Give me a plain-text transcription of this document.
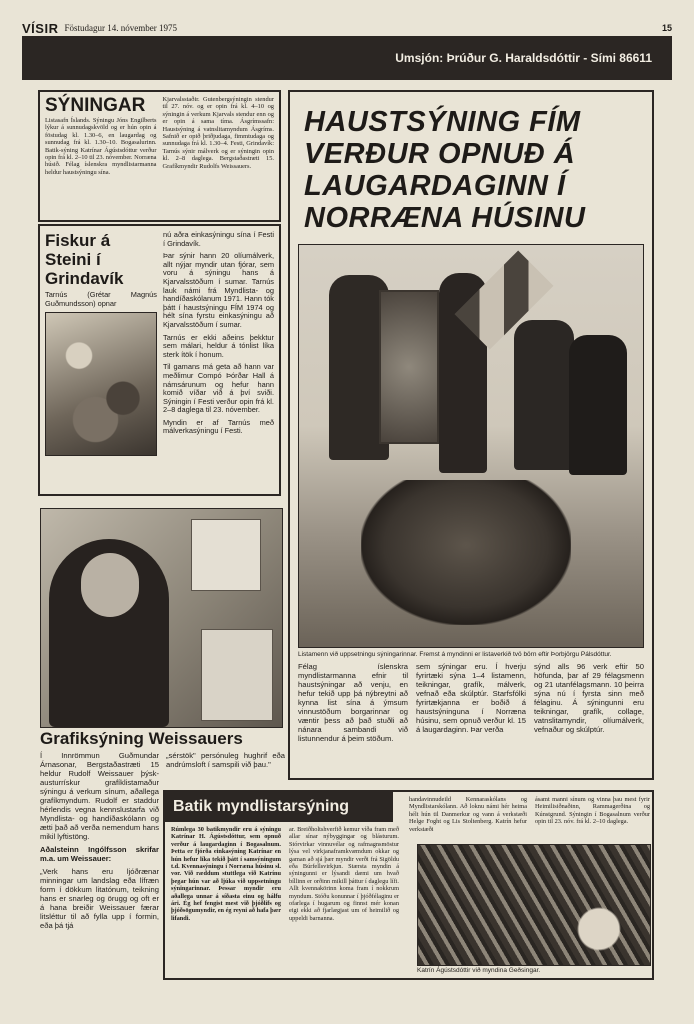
VÍSIR Föstudagur 14. nóvember 1975	15
Umsjón: Þrúður G. Haraldsdóttir - Sími 86611
SÝNINGAR
Listasafn Íslands. Sýningu Jóns Engilberts lýkur á sunnudagskvöld og er hún opin á föstudag kl. 1.30–6, en laugardag og sunnudag frá kl. 1.30–10. Bogasalurinn. Batik-sýning Katrínar Ágústsdóttur verður opin frá kl. 2–10 til 23. nóvember. Norræna húsið. Félag íslenskra myndlistarmanna heldur haustsýningu sína.
Kjarvalsstaðir. Gutenbergsýningin stendur til 27. nóv. og er opin frá kl. 4–10 og sýningin á verkum Kjarvals stendur enn og er opin á sama tíma. Ásgrímssafn: Haustsýning á vatnslitamyndum Ásgríms. Safnið er opið þriðjudaga, fimmtudaga og sunnudaga frá kl. 1.30–4. Festi, Grindavík: Tarnús sýnir málverk og er sýningin opin kl. 2–8 daglega. Bergstaðastræti 15. Grafíkmyndir Rudolfs Weissauers.
Fiskur á Steini í Grindavík
Tarnús (Grétar Magnús Guðmundsson) opnar

nú aðra einkasýningu sína í Festi í Grindavík.

Þar sýnir hann 20 olíumálverk, allt nýjar myndir utan fjórar, sem voru á sýningu hans á Kjarvalsstöðum í sumar. Tarnús lauk námi frá Myndlista- og handíðaskólanum 1971. Hann tók þátt í haustsýningu FÍM 1974 og hélt sína fyrstu einkasýningu að Kjarvalsstöðum í sumar.

Tarnús er ekki aðeins þekktur sem málari, heldur á tónlist líka sterk ítök í honum.

Til gamans má geta að hann var meðlimur Compó Þórðar Hall á námsárunum og hefur hann komið víðar við á því sviði. Sýningin í Festi verður opin frá kl. 2–8 daglega til 23. nóvember.

Myndin er af Tarnús með málverkasýningu í Festi.

HAUSTSÝNING FÍM VERÐUR OPNUÐ Á LAUGARDAGINN Í NORRÆNA HÚSINU
Listamenn við uppsetningu sýningarinnar. Fremst á myndinni er listaverkið tvö börn eftir Þorbjörgu Pálsdóttur.
Félag íslenskra myndlistarmanna efnir til haustsýningar að venju, en hefur tekið upp þá nýbreytni að kynna list sína á ýmsum vinnustöðum borgarinnar og væntir þess að það stuðli að nánara sambandi við listunnendur á þeim stöðum.
sem sýningar eru. Í hverju fyrirtæki sýna 1–4 listamenn, teikningar, grafík, málverk, vefnað eða skúlptúr. Starfsfólki fyrirtækjanna er boðið á haustsýninguna í Norræna húsinu, sem opnuð verður kl. 15 á laugardaginn. Þar verða
sýnd alls 96 verk eftir 50 höfunda, þar af 29 félagsmenn og 21 utanfélagsmann. 10 þeirra sýna nú í fyrsta sinn með félaginu. Á sýningunni eru teikningar, grafík, collage, vatnslitamyndir, olíumálverk, vefnaður og skúlptúr.
Grafiksýning Weissauers

Í Innrömmun Guðmundar Árnasonar, Bergstaðastræti 15 heldur Rudolf Weissauer þýsk-austurrískur grafíklistamaður sýningu á verkum sínum, aðallega grafíkmyndum. Rudolf er staddur hérlendis vegna kennslustarfa við Myndlista- og handíðaskólann og ætti það að verða nemendum hans mikil lyftistöng.

Aðalsteinn Ingólfsson skrifar m.a. um Weissauer:

„Verk hans eru ljóðrænar minningar um landslag eða lífræn form í dökkum litatónum, teikning hans er snarleg og örugg og oft er á hana breiðir Weissauer færar litsléttur til að fylla upp í formin, eða þá tjá

„sérstök" persónuleg hughrif eða andrúmsloft í samspili við þau."

Batik myndlistarsýning
Rúmlega 30 batikmyndir eru á sýningu Katrínar H. Ágústsdóttur, sem opnuð verður á laugardaginn í Bogasalnum. Þetta er fjórða einkasýning Katrínar en hún hefur líka tekið þátt í samsýningum t.d. Kvennasýningu í Norræna húsinu sl. vor. Við ræddum stuttlega við Katrínu þegar hún var að ljúka við uppsetningu sýningarinnar. Þessar myndir eru aðallega unnar á síðasta einu og hálfu ári. Ég hef fengist mest við þjóðlífs og þjóðsögumyndir, en ég reyni að hafa þær lifandi.
ar. Breiðholtshverfið kemur víða fram með allar sínar nýbyggingar og blásturum. Stórvirkar vinnuvélar og rafmagnsmöstur lýsa vel virkjanaframkvæmdum okkar og gaman að sjá þær myndir verði frá Sigöldu eða Búrfellsvirkjun. Stærsta myndin á sýningunni er lýsandi dæmi um hvað bíllinn er orðinn mikill þáttur í daglegu lífi. Allt kvennakörinn koma fram í nokkrum myndum. Stóðu konunnar í þjóðfélaginu er ofarlega í hugarum og finnst mér konan eigi ekki að fjarlægjast um of heimilið og uppeldi barnanna.
handavinnudeild Kennaraskólans og Myndlistarskólann. Að loknu námi hér heima hélt hún til Danmerkur og vann á verkstæði Helge Foght og Lis Stoltenberg. Katrín hefur verkstæði
ásamt manni sínum og vinna þau mest fyrir Heimilisiðnaðinn, Rammagerðina og Kúnstgrund. Sýningin í Bogasalnum verður opin til 23. nóv. frá kl. 2–10 daglega.
Katrín Ágústsdóttir við myndina Geðsingar.
